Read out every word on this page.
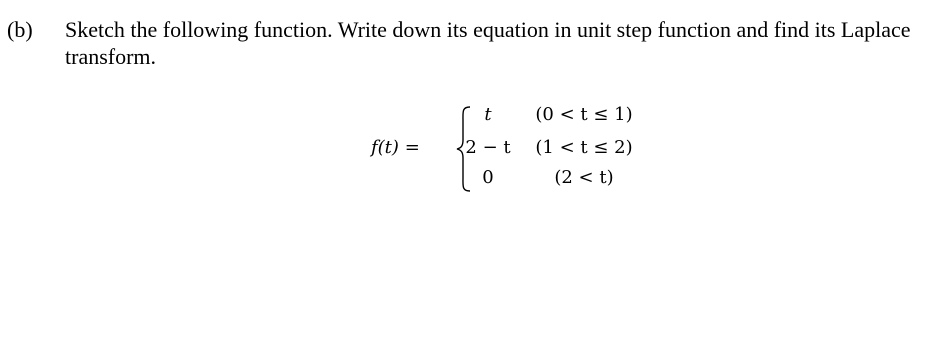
(b) Sketch the following function. Write down its equation in unit step function and find its Laplace transform.
f(t) =
t	(0 < t ≤ 1)
2 − t	(1 < t ≤ 2)
0	(2 < t)
